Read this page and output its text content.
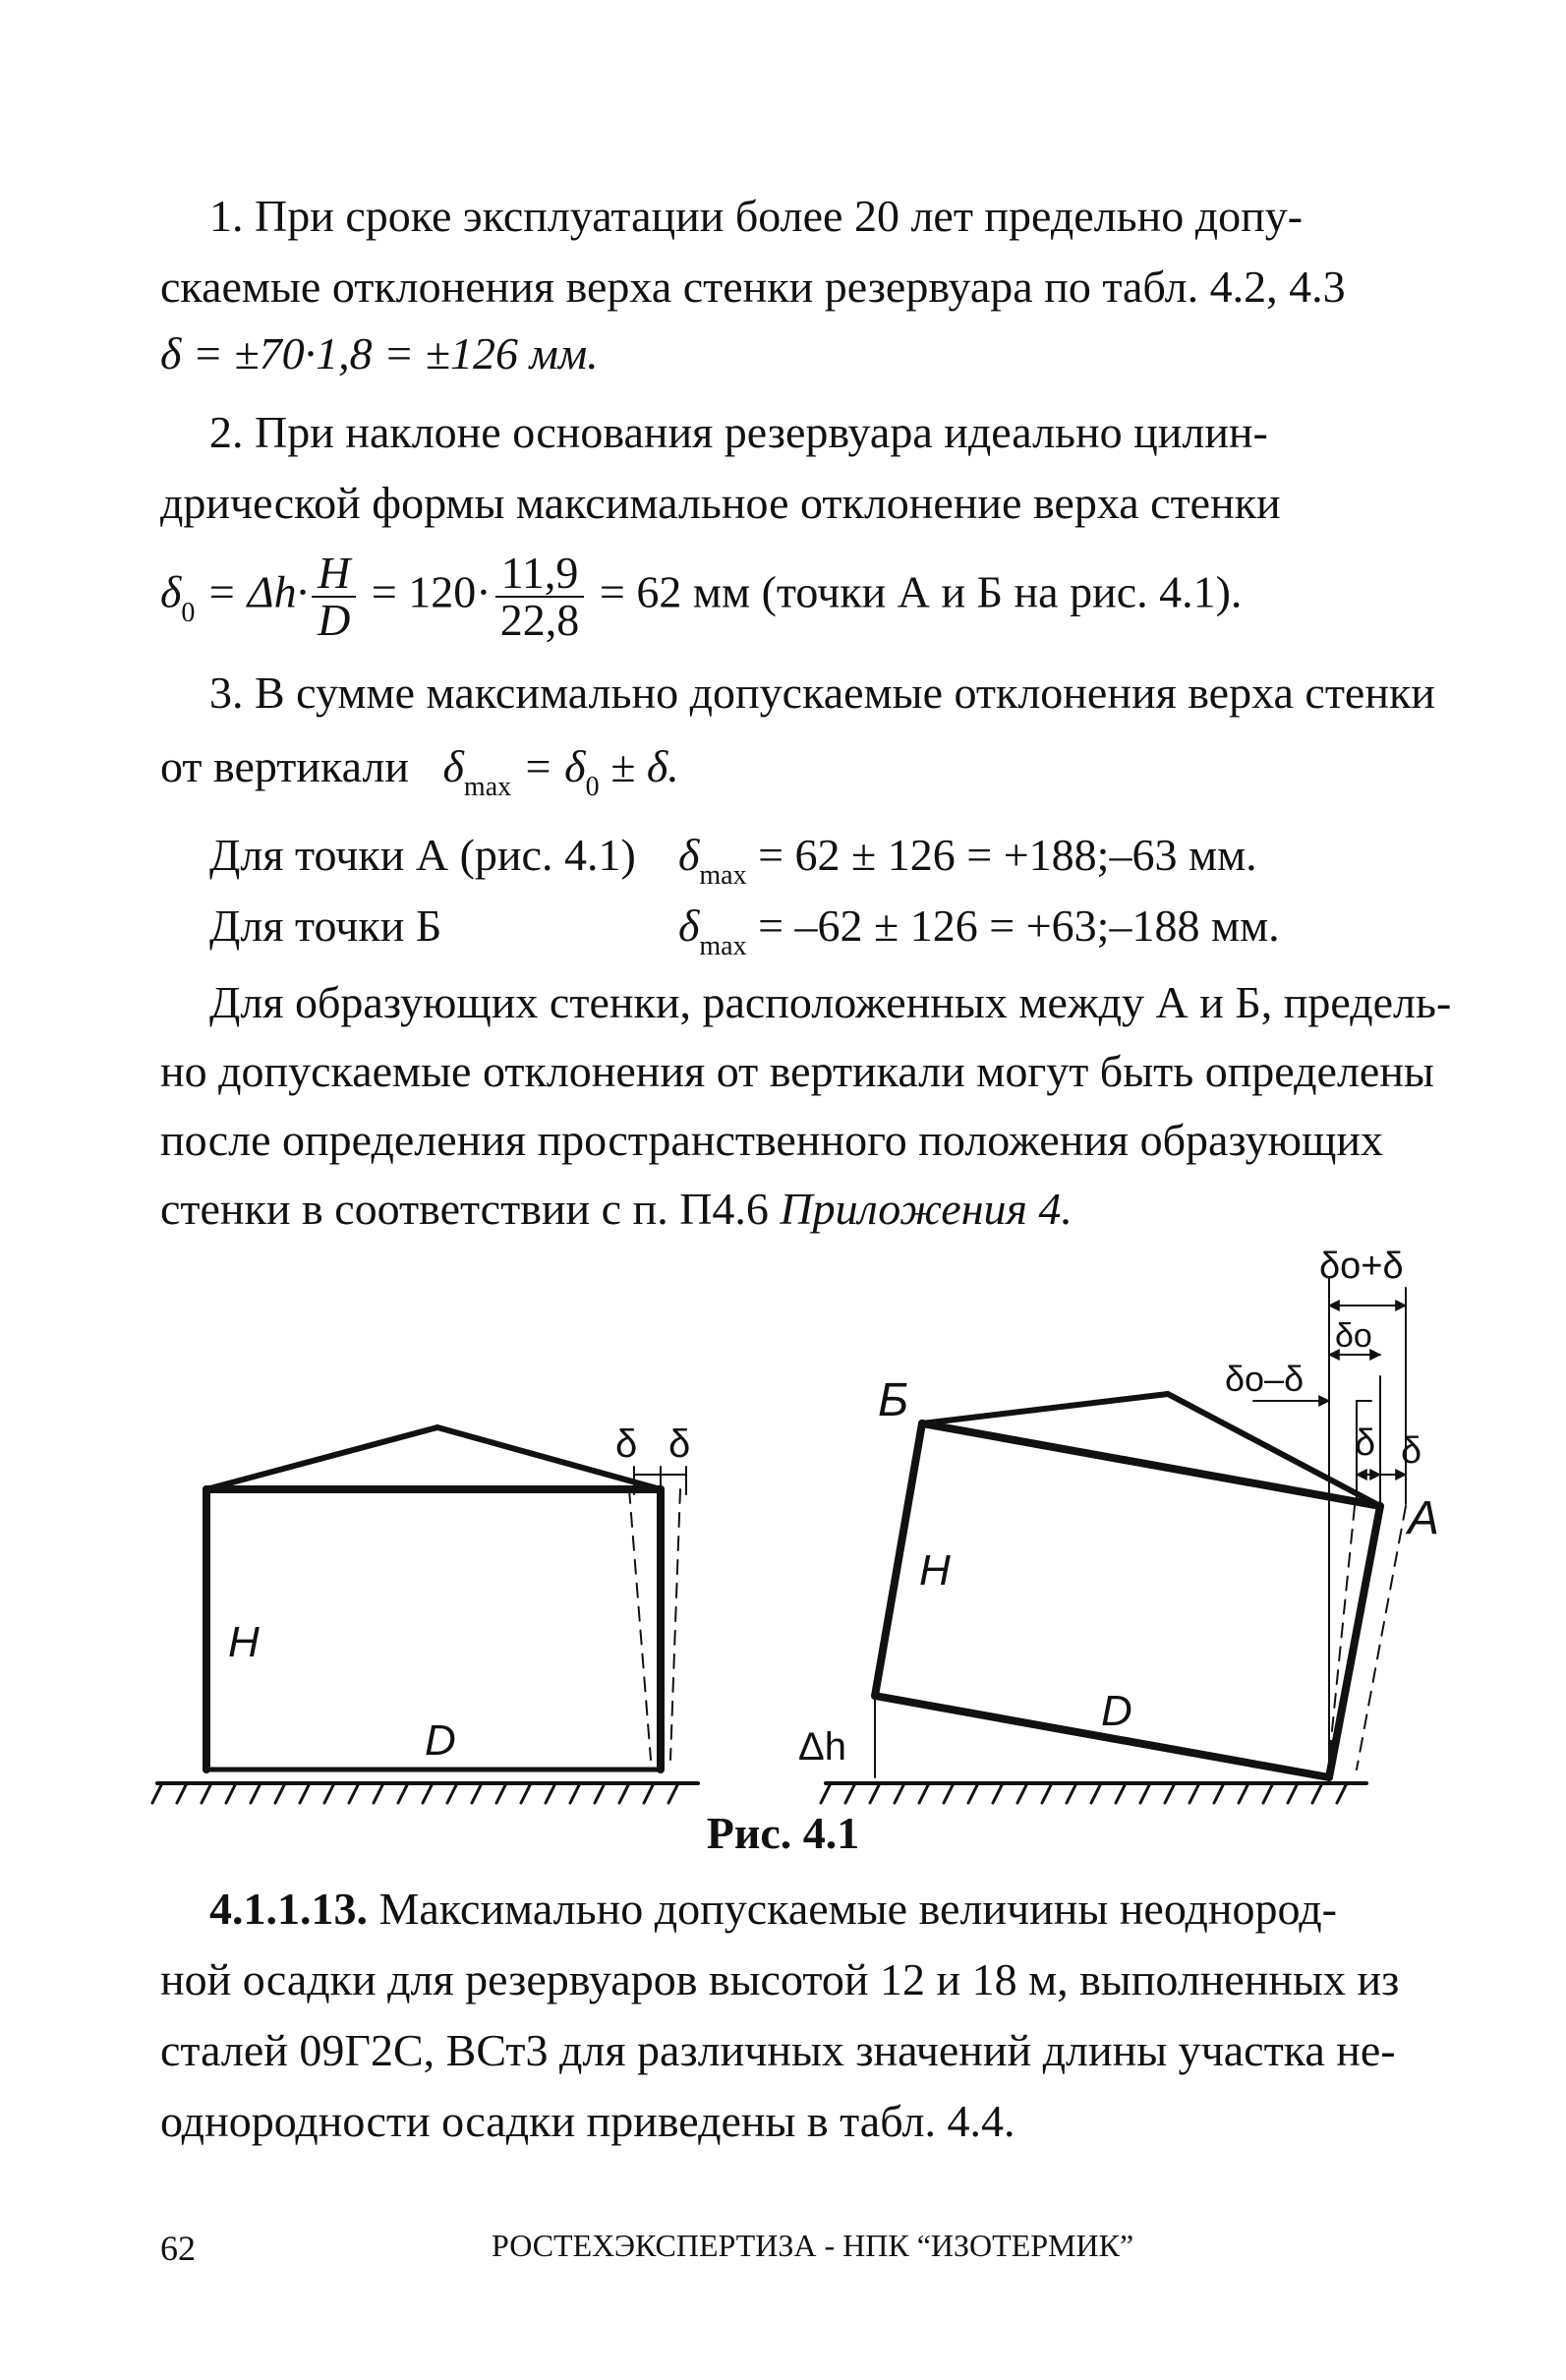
1. При сроке эксплуатации более 20 лет предельно допу-
скаемые отклонения верха стенки резервуара по табл. 4.2, 4.3
δ = ±70·1,8 = ±126 мм.
2. При наклоне основания резервуара идеально цилин-
дрической формы максимальное отклонение верха стенки
$\delta_0 = \Delta h\cdot \frac{H}{D} = 120\cdot \frac{11,9}{22,8} = 62$ мм (точки А и Б на рис. 4.1).
3. В сумме максимально допускаемые отклонения верха стенки
от вертикали $\delta_{max} = \delta_0 \pm \delta$.
Для точки А (рис. 4.1) $\delta_{max} = 62 \pm 126$ = +188;–63 мм.
Для точки Б	$\delta_{max} = -62 \pm 126$ = +63;–188 мм.
Для образующих стенки, расположенных между А и Б, предель-
но допускаемые отклонения от вертикали могут быть определены
после определения пространственного положения образующих
стенки в соответствии с п. П4.6 Приложения 4.
H
D
δ δ
Б
A
H
D
Δh
δo+δ
δo
δo–δ
δ δ
Рис. 4.1
4.1.1.13. Максимально допускаемые величины неоднород-
ной осадки для резервуаров высотой 12 и 18 м, выполненных из
сталей 09Г2С, ВСт3 для различных значений длины участка не-
однородности осадки приведены в табл. 4.4.
62	РОСТЕХЭКСПЕРТИЗА - НПК “ИЗОТЕРМИК”
